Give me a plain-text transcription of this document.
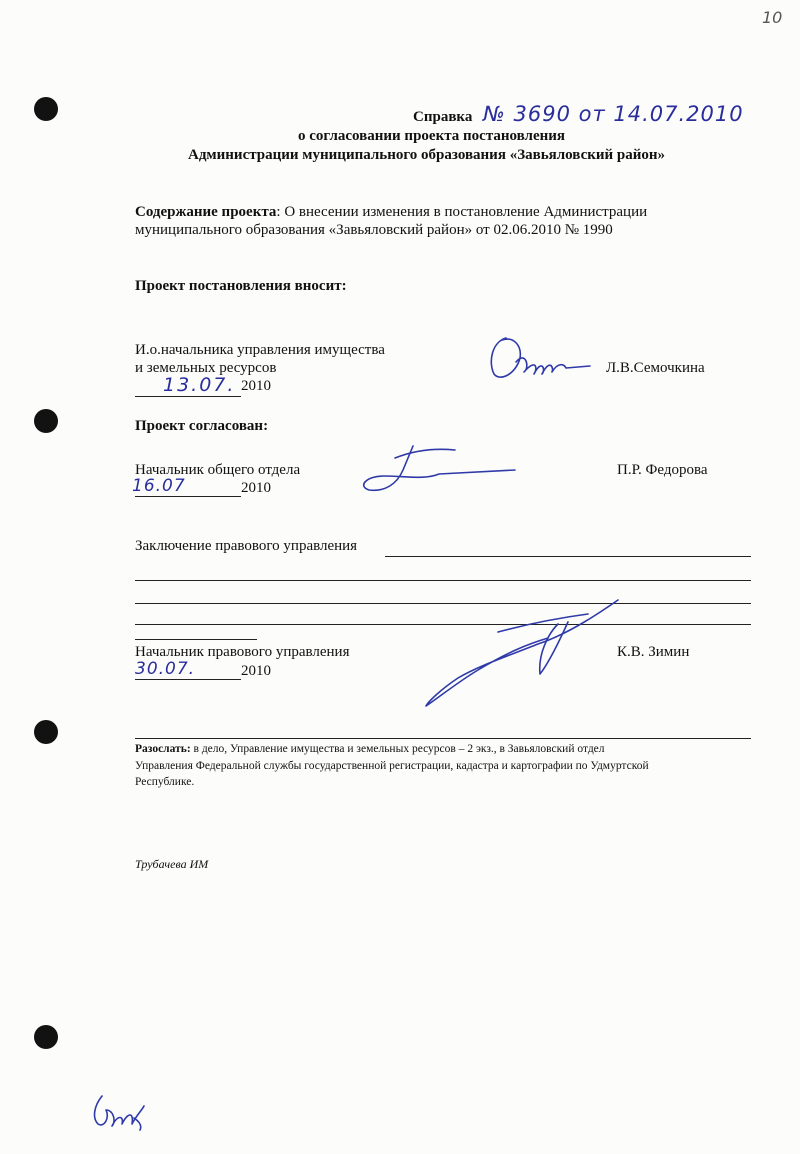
10
Справка № 3690 от 14.07.2010
о согласовании проекта постановления
Администрации муниципального образования «Завьяловский район»
Содержание проекта: О внесении изменения в постановление Администрации
муниципального образования «Завьяловский район» от 02.06.2010 № 1990
Проект постановления вносит:
И.о.начальника управления имущества
и земельных ресурсов
13.07. 2010
Л.В.Семочкина
Проект согласован:
Начальник общего отдела
16.07	2010
П.Р. Федорова
Заключение правового управления
Начальник правового управления
30.07.	2010
К.В. Зимин
Разослать: в дело, Управление имущества и земельных ресурсов – 2 экз., в Завьяловский отдел
Управления Федеральной службы государственной регистрации, кадастра и картографии по Удмуртской
Республике.
Трубачева ИМ
